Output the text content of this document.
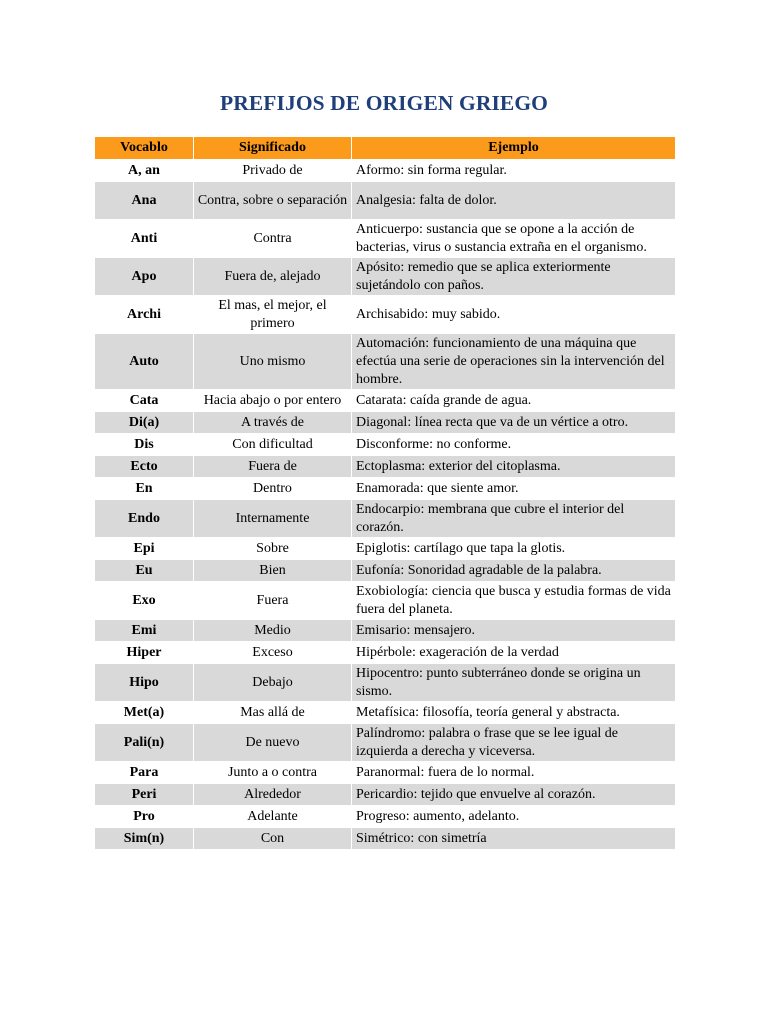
PREFIJOS DE ORIGEN GRIEGO
Vocablo	Significado	Ejemplo
A, an	Privado de	Aformo: sin forma regular.
Ana	Contra, sobre o separación	Analgesia: falta de dolor.
Anti	Contra	Anticuerpo: sustancia que se opone a la acción de bacterias, virus o sustancia extraña en el organismo.
Apo	Fuera de, alejado	Apósito: remedio que se aplica exteriormente sujetándolo con paños.
Archi	El mas, el mejor, el primero	Archisabido: muy sabido.
Auto	Uno mismo	Automación: funcionamiento de una máquina que efectúa una serie de operaciones sin la intervención del hombre.
Cata	Hacia abajo o por entero	Catarata: caída grande de agua.
Di(a)	A través de	Diagonal: línea recta que va de un vértice a otro.
Dis	Con dificultad	Disconforme: no conforme.
Ecto	Fuera de	Ectoplasma: exterior del citoplasma.
En	Dentro	Enamorada: que siente amor.
Endo	Internamente	Endocarpio: membrana que cubre el interior del corazón.
Epi	Sobre	Epiglotis: cartílago que tapa la glotis.
Eu	Bien	Eufonía: Sonoridad agradable de la palabra.
Exo	Fuera	Exobiología: ciencia que busca y estudia formas de vida fuera del planeta.
Emi	Medio	Emisario: mensajero.
Hiper	Exceso	Hipérbole: exageración de la verdad
Hipo	Debajo	Hipocentro: punto subterráneo donde se origina un sismo.
Met(a)	Mas allá de	Metafísica: filosofía, teoría general y abstracta.
Pali(n)	De nuevo	Palíndromo: palabra o frase que se lee igual de izquierda a derecha y viceversa.
Para	Junto a o contra	Paranormal: fuera de lo normal.
Peri	Alrededor	Pericardio: tejido que envuelve al corazón.
Pro	Adelante	Progreso: aumento, adelanto.
Sim(n)	Con	Simétrico: con simetría
